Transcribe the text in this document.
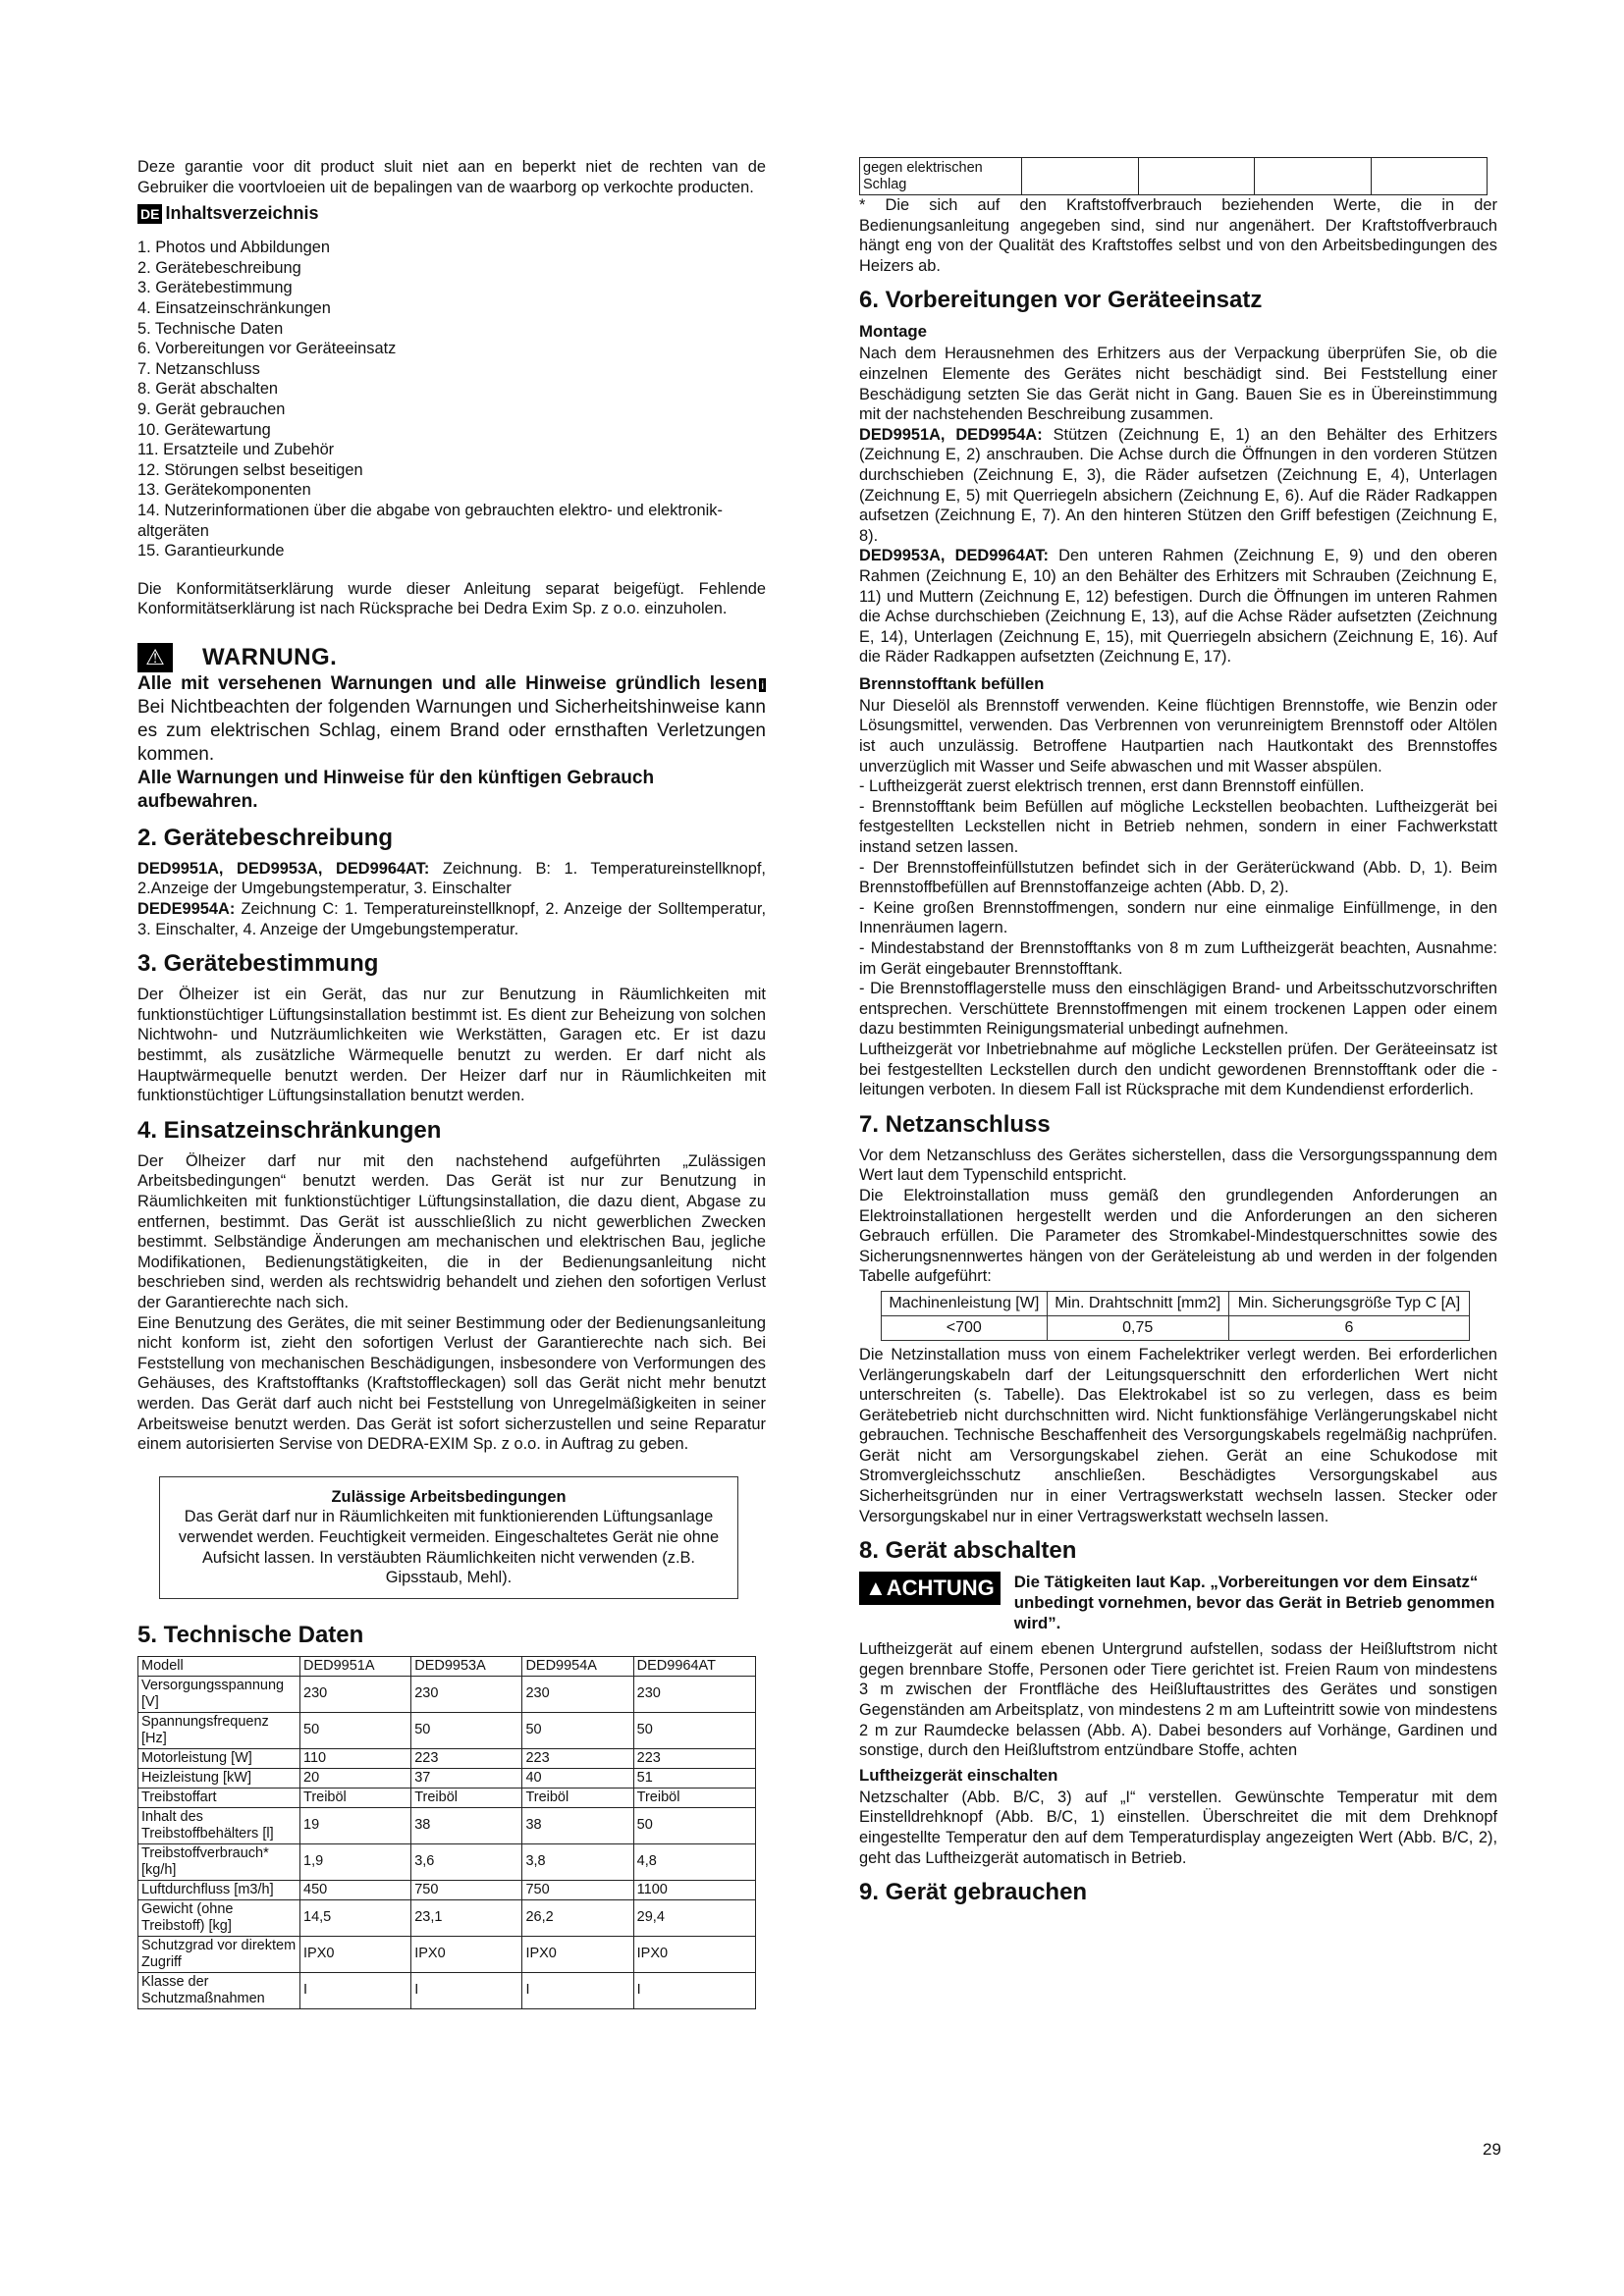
Deze garantie voor dit product sluit niet aan en beperkt niet de rechten van de Gebruiker die voortvloeien uit de bepalingen van de waarborg op verkochte producten.

DE Inhaltsverzeichnis
1. Photos und Abbildungen
2. Gerätebeschreibung
3. Gerätebestimmung
4. Einsatzeinschränkungen
5. Technische Daten
6. Vorbereitungen vor Geräteeinsatz
7. Netzanschluss
8. Gerät abschalten
9. Gerät gebrauchen
10. Gerätewartung
11. Ersatzteile und Zubehör
12. Störungen selbst beseitigen
13. Gerätekomponenten
14. Nutzerinformationen über die abgabe von gebrauchten elektro- und elektronik-altgeräten
15. Garantieurkunde

Die Konformitätserklärung wurde dieser Anleitung separat beigefügt. Fehlende Konformitätserklärung ist nach Rücksprache bei Dedra Exim Sp. z o.o. einzuholen.

⚠	WARNUNG.

Alle mit versehenen Warnungen und alle Hinweise gründlich lesen i Bei Nichtbeachten der folgenden Warnungen und Sicherheitshinweise kann es zum elektrischen Schlag, einem Brand oder ernsthaften Verletzungen kommen.

Alle Warnungen und Hinweise für den künftigen Gebrauch aufbewahren.

2. Gerätebeschreibung

DED9951A, DED9953A, DED9964AT: Zeichnung. B: 1. Temperatureinstellknopf, 2.Anzeige der Umgebungstemperatur, 3. Einschalter

DEDE9954A: Zeichnung C: 1. Temperatureinstellknopf, 2. Anzeige der Solltemperatur, 3. Einschalter, 4. Anzeige der Umgebungstemperatur.

3. Gerätebestimmung

Der Ölheizer ist ein Gerät, das nur zur Benutzung in Räumlichkeiten mit funktionstüchtiger Lüftungsinstallation bestimmt ist. Es dient zur Beheizung von solchen Nichtwohn- und Nutzräumlichkeiten wie Werkstätten, Garagen etc. Er ist dazu bestimmt, als zusätzliche Wärmequelle benutzt zu werden. Er darf nicht als Hauptwärmequelle benutzt werden. Der Heizer darf nur in Räumlichkeiten mit funktionstüchtiger Lüftungsinstallation benutzt werden.

4. Einsatzeinschränkungen

Der Ölheizer darf nur mit den nachstehend aufgeführten „Zulässigen Arbeitsbedingungen“ benutzt werden. Das Gerät ist nur zur Benutzung in Räumlichkeiten mit funktionstüchtiger Lüftungsinstallation, die dazu dient, Abgase zu entfernen, bestimmt. Das Gerät ist ausschließlich zu nicht gewerblichen Zwecken bestimmt. Selbständige Änderungen am mechanischen und elektrischen Bau, jegliche Modifikationen, Bedienungstätigkeiten, die in der Bedienungsanleitung nicht beschrieben sind, werden als rechtswidrig behandelt und ziehen den sofortigen Verlust der Garantierechte nach sich.

Eine Benutzung des Gerätes, die mit seiner Bestimmung oder der Bedienungsanleitung nicht konform ist, zieht den sofortigen Verlust der Garantierechte nach sich. Bei Feststellung von mechanischen Beschädigungen, insbesondere von Verformungen des Gehäuses, des Kraftstofftanks (Kraftstoffleckagen) soll das Gerät nicht mehr benutzt werden. Das Gerät darf auch nicht bei Feststellung von Unregelmäßigkeiten in seiner Arbeitsweise benutzt werden. Das Gerät ist sofort sicherzustellen und seine Reparatur einem autorisierten Servise von DEDRA-EXIM Sp. z o.o. in Auftrag zu geben.

Zulässige Arbeitsbedingungen

Das Gerät darf nur in Räumlichkeiten mit funktionierenden Lüftungsanlage verwendet werden. Feuchtigkeit vermeiden. Eingeschaltetes Gerät nie ohne Aufsicht lassen. In verstäubten Räumlichkeiten nicht verwenden (z.B. Gipsstaub, Mehl).

5. Technische Daten
Modell	DED9951A	DED9953A	DED9954A	DED9964AT
Versorgungsspannung [V]	230	230	230	230
Spannungsfrequenz [Hz]	50	50	50	50
Motorleistung [W]	110	223	223	223
Heizleistung [kW]	20	37	40	51
Treibstoffart	Treiböl	Treiböl	Treiböl	Treiböl
Inhalt des Treibstoffbehälters [l]	19	38	38	50
Treibstoffverbrauch* [kg/h]	1,9	3,6	3,8	4,8
Luftdurchfluss [m3/h]	450	750	750	1100
Gewicht (ohne Treibstoff) [kg]	14,5	23,1	26,2	29,4
Schutzgrad vor direktem Zugriff	IPX0	IPX0	IPX0	IPX0
Klasse der Schutzmaßnahmen	I	I	I	I
gegen elektrischen Schlag				

* Die sich auf den Kraftstoffverbrauch beziehenden Werte, die in der Bedienungsanleitung angegeben sind, sind nur angenähert. Der Kraftstoffverbrauch hängt eng von der Qualität des Kraftstoffes selbst und von den Arbeitsbedingungen des Heizers ab.

6. Vorbereitungen vor Geräteeinsatz
Montage

Nach dem Herausnehmen des Erhitzers aus der Verpackung überprüfen Sie, ob die einzelnen Elemente des Gerätes nicht beschädigt sind. Bei Feststellung einer Beschädigung setzten Sie das Gerät nicht in Gang. Bauen Sie es in Übereinstimmung mit der nachstehenden Beschreibung zusammen.

DED9951A, DED9954A: Stützen (Zeichnung E, 1) an den Behälter des Erhitzers (Zeichnung E, 2) anschrauben. Die Achse durch die Öffnungen in den vorderen Stützen durchschieben (Zeichnung E, 3), die Räder aufsetzen (Zeichnung E, 4), Unterlagen (Zeichnung E, 5) mit Querriegeln absichern (Zeichnung E, 6). Auf die Räder Radkappen aufsetzen (Zeichnung E, 7). An den hinteren Stützen den Griff befestigen (Zeichnung E, 8).

DED9953A, DED9964AT: Den unteren Rahmen (Zeichnung E, 9) und den oberen Rahmen (Zeichnung E, 10) an den Behälter des Erhitzers mit Schrauben (Zeichnung E, 11) und Muttern (Zeichnung E, 12) befestigen. Durch die Öffnungen im unteren Rahmen die Achse durchschieben (Zeichnung E, 13), auf die Achse Räder aufsetzten (Zeichnung E, 14), Unterlagen (Zeichnung E, 15), mit Querriegeln absichern (Zeichnung E, 16). Auf die Räder Radkappen aufsetzten (Zeichnung E, 17).

Brennstofftank befüllen

Nur Dieselöl als Brennstoff verwenden. Keine flüchtigen Brennstoffe, wie Benzin oder Lösungsmittel, verwenden. Das Verbrennen von verunreinigtem Brennstoff oder Altölen ist auch unzulässig. Betroffene Hautpartien nach Hautkontakt des Brennstoffes unverzüglich mit Wasser und Seife abwaschen und mit Wasser abspülen.

- Luftheizgerät zuerst elektrisch trennen, erst dann Brennstoff einfüllen.

- Brennstofftank beim Befüllen auf mögliche Leckstellen beobachten. Luftheizgerät bei festgestellten Leckstellen nicht in Betrieb nehmen, sondern in einer Fachwerkstatt instand setzen lassen.

- Der Brennstoffeinfüllstutzen befindet sich in der Geräterückwand (Abb. D, 1). Beim Brennstoffbefüllen auf Brennstoffanzeige achten (Abb. D, 2).

- Keine großen Brennstoffmengen, sondern nur eine einmalige Einfüllmenge, in den Innenräumen lagern.

- Mindestabstand der Brennstofftanks von 8 m zum Luftheizgerät beachten, Ausnahme: im Gerät eingebauter Brennstofftank.

- Die Brennstofflagerstelle muss den einschlägigen Brand- und Arbeitsschutzvorschriften entsprechen. Verschüttete Brennstoffmengen mit einem trockenen Lappen oder einem dazu bestimmten Reinigungsmaterial unbedingt aufnehmen.

Luftheizgerät vor Inbetriebnahme auf mögliche Leckstellen prüfen. Der Geräteeinsatz ist bei festgestellten Leckstellen durch den undicht gewordenen Brennstofftank oder die -leitungen verboten. In diesem Fall ist Rücksprache mit dem Kundendienst erforderlich.

7. Netzanschluss

Vor dem Netzanschluss des Gerätes sicherstellen, dass die Versorgungsspannung dem Wert laut dem Typenschild entspricht.

Die Elektroinstallation muss gemäß den grundlegenden Anforderungen an Elektroinstallationen hergestellt werden und die Anforderungen an den sicheren Gebrauch erfüllen. Die Parameter des Stromkabel-Mindestquerschnittes sowie des Sicherungsnennwertes hängen von der Geräteleistung ab und werden in der folgenden Tabelle aufgeführt:

Machinenleistung [W]	Min. Drahtschnitt [mm2]	Min. Sicherungsgröße Typ C [A]
<700	0,75	6

Die Netzinstallation muss von einem Fachelektriker verlegt werden. Bei erforderlichen Verlängerungskabeln darf der Leitungsquerschnitt den erforderlichen Wert nicht unterschreiten (s. Tabelle). Das Elektrokabel ist so zu verlegen, dass es beim Gerätebetrieb nicht durchschnitten wird. Nicht funktionsfähige Verlängerungskabel nicht gebrauchen. Technische Beschaffenheit des Versorgungskabels regelmäßig nachprüfen. Gerät nicht am Versorgungskabel ziehen. Gerät an eine Schukodose mit Stromvergleichsschutz anschließen. Beschädigtes Versorgungskabel aus Sicherheitsgründen nur in einer Vertragswerkstatt wechseln lassen. Stecker oder Versorgungskabel nur in einer Vertragswerkstatt wechseln lassen.

8. Gerät abschalten
▲ACHTUNG	Die Tätigkeiten laut Kap. „Vorbereitungen vor dem Einsatz“ unbedingt vornehmen, bevor das Gerät in Betrieb genommen wird”.

Luftheizgerät auf einem ebenen Untergrund aufstellen, sodass der Heißluftstrom nicht gegen brennbare Stoffe, Personen oder Tiere gerichtet ist. Freien Raum von mindestens 3 m zwischen der Frontfläche des Heißluftaustrittes des Gerätes und sonstigen Gegenständen am Arbeitsplatz, von mindestens 2 m am Lufteintritt sowie von mindestens 2 m zur Raumdecke belassen (Abb. A). Dabei besonders auf Vorhänge, Gardinen und sonstige, durch den Heißluftstrom entzündbare Stoffe, achten

Luftheizgerät einschalten

Netzschalter (Abb. B/C, 3) auf „I“ verstellen. Gewünschte Temperatur mit dem Einstelldrehknopf (Abb. B/C, 1) einstellen. Überschreitet die mit dem Drehknopf eingestellte Temperatur den auf dem Temperaturdisplay angezeigten Wert (Abb. B/C, 2), geht das Luftheizgerät automatisch in Betrieb.

9. Gerät gebrauchen
29
